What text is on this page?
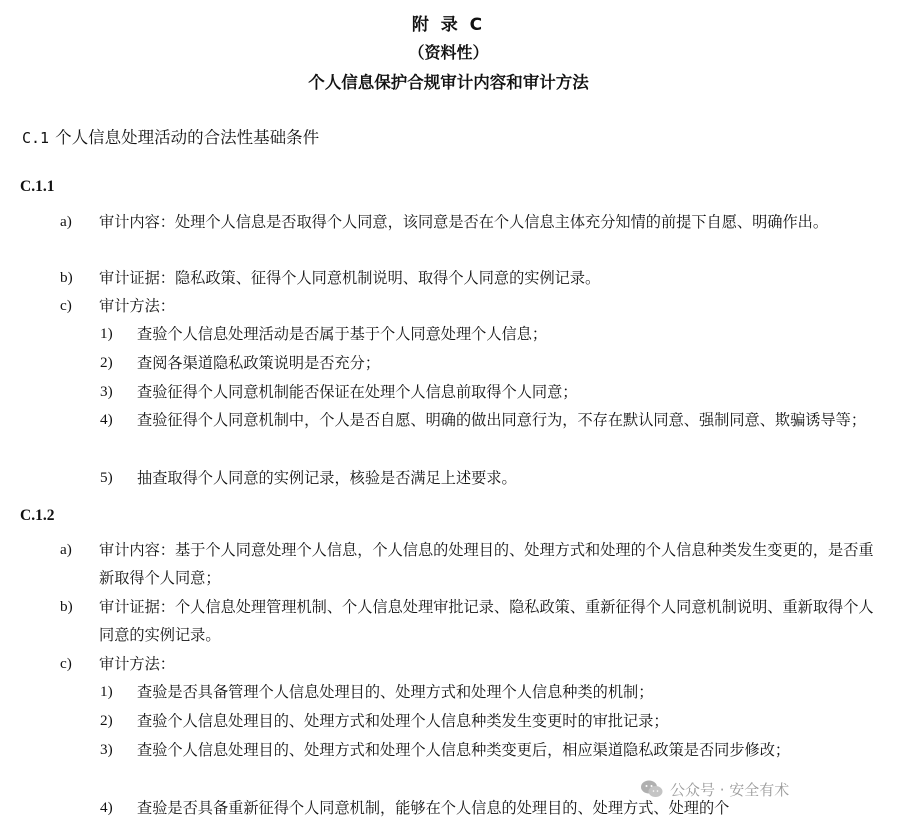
附 录 C
（资料性）
个人信息保护合规审计内容和审计方法
C.1 个人信息处理活动的合法性基础条件
C.1.1
a) 审计内容：处理个人信息是否取得个人同意，该同意是否在个人信息主体充分知情的前提下自愿、明确作出。
b) 审计证据：隐私政策、征得个人同意机制说明、取得个人同意的实例记录。
c) 审计方法：
1) 查验个人信息处理活动是否属于基于个人同意处理个人信息；
2) 查阅各渠道隐私政策说明是否充分；
3) 查验征得个人同意机制能否保证在处理个人信息前取得个人同意；
4) 查验征得个人同意机制中，个人是否自愿、明确的做出同意行为，不存在默认同意、强制同意、欺骗诱导等；
5) 抽查取得个人同意的实例记录，核验是否满足上述要求。
C.1.2
a) 审计内容：基于个人同意处理个人信息，个人信息的处理目的、处理方式和处理的个人信息种类发生变更的，是否重新取得个人同意；
b) 审计证据：个人信息处理管理机制、个人信息处理审批记录、隐私政策、重新征得个人同意机制说明、重新取得个人同意的实例记录。
c) 审计方法：
1) 查验是否具备管理个人信息处理目的、处理方式和处理个人信息种类的机制；
2) 查验个人信息处理目的、处理方式和处理个人信息种类发生变更时的审批记录；
3) 查验个人信息处理目的、处理方式和处理个人信息种类变更后，相应渠道隐私政策是否同步修改；
4) 查验是否具备重新征得个人同意机制，能够在个人信息的处理目的、处理方式、处理的个
公众号 · 安全有术
